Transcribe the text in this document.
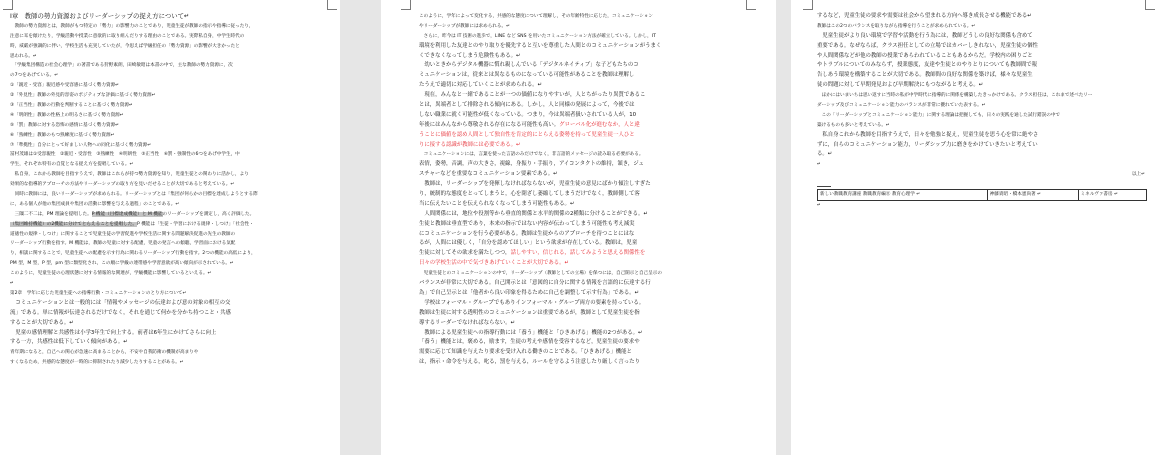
Ⅰ章　教師の勢力資源およびリーダーシップの捉え方について↵
　教師の勢力資源とは，教師がもつ特定の「勢力」の影響力のことであり，児童生徒が教師の指示や指導に従ったり，
注意に耳を傾けたり，学級活動や授業に意欲的に取り組んだりする理由のことである。実際私自身，中学生時代の
時，威厳が強調的に伴い，学校生活も充実していたが，今思えば学級担任の「勢力資源」の影響が大きかったと
思われる。↵
　「学級集団構造の社会心理学」の著書である狩野素朗，田崎敏昭は本書の中で，主な教師の勢力資源に，次
の7つをあげている。↵
①「親近・受容」親近感や受容感に基づく勢力資源↵
②「外見性」教師の外見的容姿のポジティブな評価に基づく勢力資源↵
③「正当性」教師の行動を判断することに基づく勢力資源↵
④「明朗性」教師の性格上の明るさに基づく勢力資源↵
⑤「罰」教師に対する恐怖の感情に基づく勢力資源↵
⑥「熟練性」教師のもつ熟練度に基づく勢力資源↵
⑦「準拠性」自分にとって好ましい人物への同化に基づく勢力資源↵
冨村茂雄は①受容親性　②親近・受容性　③熟練性　④明朗性　⑤正当性　⑥罰・強制性の6つをあげ中学生，中
学生，それぞれ特有の自覚となる捉え方を提唱している。↵
　私自身，これから教師を目指すうえで，教師はこれらが持つ勢力資源を知り，児童生徒との関わりに活かし，より
効果的な指導的アプローチの方法やリーダーシップの取り方を見いだせることが大切であると考えている。↵
　同時に教師には，良いリーダーシップが求められる。リーダーシップとは「集団が何らかの目標を達成しようとする際
に，ある個人が他の集団成員や集団の活動に影響を与える過程」のことである。↵
　三隅二不二は，PM 理論を提唱した。P 機能（目標達成機能）と M 機能のリーダーシップを測定し，高く評価した。
（集団維持機能）の2機能に分けてとらえることを提唱した。P 機能は「生徒・学習における規律・しつけ」「社会性・
道徳性の規律・しつけ」に関することで児童生徒の学習促進や学校生活に関する問題解決促進の先生の教師の
リーダーシップ行動を指す。M 機能は，教師の児童に対する配慮，児童の発言への傾聴，学習面における気配
り，相談に関することで，児童生徒への配慮を示す行為に関わるリーダーシップ行動を指す。2つの機能の高低により，
PM 型，M 型，P 型，pm 型に類型化され，この順に学級の連帯感や学習意欲が高い傾向が示されている。↵
このように，児童生徒の心理状態に対する情報的な関連が，学級機能に影響しているといえる。↵
↵
第2章　学年に応じた児童生徒への指導行動・コミュニケーションのとり方について↵
　コミュニケーションとは一般的には「情報やメッセージの伝達および意の対象の相互の交
流」である。単に情報が伝達されるだけでなく，それを通じて何かを分かち持つこと・共感
することが大切である。↵
　児童の感情理解と共感性は小学3年生で向上する。前者は6年生にかけてさらに向上
する一方，共感性は低下していく傾向がある。↵
青年期になると，自己への関心が急速に高まることから，不安や自我防衛の機制が高まりや
すくなるため，共感的な態度が一時的に抑制されたり減少したりすることがある。↵
このように，学年によって変化する，共感的な態度について理解し，その年齢特性に応じた，コミュニケーション
やリーダーシップが教師には求められる。↵
　さらに，昨今は IT 技術の進歩で，LINE など SNS を用いたコミュニケーション方法が確立している。しかし，IT
環境を利用した友達とのやり取りを優先すると互いを尊重した人間とのコミュニケーションがうまく
くできなくなってしまう危険性もある。↵
　幼いときからデジタル機器に慣れ親しんでいる「デジタルネイティブ」な子どもたちのコ
ミュニケーションは，従来とは異なるものになっている可能性があることを教師は理解し
たうえで適切に対応していくことが求められる。↵
　現在，みんなと一緒であることが一つの価値になりやすいが，人とちがったり異質であるこ
とは，異端者として排除される傾向にある。しかし，人と同様の発展によって，今後では
しない職業に就く可能性が低くなっている。つまり，今は異端者扱いされている人が，10
年後にはみんなから尊敬される存在になる可能性も高い。グローバル化が進むなか，人と違
うことに価値を認め人間として独自性を肯定的にとらえる姿勢を持って児童生徒一人ひと
りに接する認識が教師には必要である。↵
　コミュニケーションには，言葉を使った言語のみだけでなく，非言語的メッセージの読み取る必要がある。
表情，姿勢，音調，声の大きさ，視線，身振り・手振り，アイコンタクトの維持，頷き，ジェ
スチャーなどを重要なコミュニケーション要素である。↵
　教師は，リーダーシップを発揮しなければならないが，児童生徒の意見にばかり傾注しすぎた
り，統制的な態度をとってしまうと，心を閉ざし萎縮してしまうだけでなく，教師側して客
当に伝えたいことを伝えられなくなってしまう可能性もある。↵
　人間関係には，地位や役割等から垂直的関係と水平的関係の2種類に分けることができる。↵
生徒と教師は垂直型であり，本来の指示ではない内容が伝わってしまう可能性も考え減実
にコミュニケーションを行う必要がある。教師は生徒からのアプローチを待つことにはな
るが，人間には優しく，「自分を認めてほしい」という欲求が存在している。教師は，児童
生徒に対してその欲求を満たしつつ，話しやすい，信じれる，話してみようと思える関係性を
日々の学校生活の中で気づきあげていくことが大切である。↵
　児童生徒とのコミュニケーションの中で，リーダーシップ（教師としての立場）を保つには，自己開示と自己呈示の
バランスが非常に大切である。自己開示とは「意図的に自分に関する情報を言語的に伝達する行
為」で自己呈示とは「他者から良い印象を得るために自己を調整して示す行為」である。↵
　学校はフォーマル・グループでもありインフォーマル・グループ両方の要素を持っている。
教師は生徒に対する透明性のコミュニケーションは重要であるが，教師として児童生徒を指
導するリーダーでなければならない。↵
　教師による児童生徒への指導行動には「養う」機能と「ひきあげる」機能の2つがある。↵
「養う」機能とは，褒める，励ます，生徒の考えや感情を受容するなど，児童生徒の要求や
需要に応じて知識を与えたり要求を受け入れる働きのことである。「ひきあげる」機能と
は，指示・命令を与える，叱る，罰を与える，ルールを守るよう注意したり厳しく言ったり
するなど，児童生徒の要求や需要は社会から望まれる方向へ導き成長させる機能である↵
教師はこの2つのバランスを取りながら指導を行うことが求められている。↵
　児童生徒がより良い環境で学習や活動を行う為には，教師どうしの良好な関係も含めて
重要である。なぜならば，クラス担任としての立場ではカバーしきれない，児童生徒の個性
や人間関係などが他の教師の授業であらわれていることもあるからだ。学校内の困りごと
やトラブルについてのみならず，授業態度，友達や生徒とのやりとりについても教師間で報
告しあう環境を構築することが大切である。教師間の良好な関係を築けば，様々な児童生
徒の問題に対して早期発見および早期解決にもつながると考える。↵
　ほかにはいまいちは思い返すに当時の私が中学時代に指導的に関係を構築したきっかけである。クラス担任は，これまで述べたリー
ダーシップ及びコミュニケーション能力のバランスが非常に優れていた表する。↵
　この「リーダーシップとコミュニケーション能力」に関する理論は把握しても，日々の実践を通した試行錯誤の中で
築けるものも多いと考えている。↵
　私自身これから教師を目指すうえで，日々を勉強と捉え，児童生徒を思う心を常に絶やさ
ずに，自らのコミュニケーション能力，リーダシップ力に磨きをかけていきたいと考えてい
る。↵
↵
以上↵
新しい教職教育講座 教職教育編⑪ 教育心理学 ↵	神藤貴昭・橋本憲尚著 ↵	ミネルヴァ書房 ↵
↵
